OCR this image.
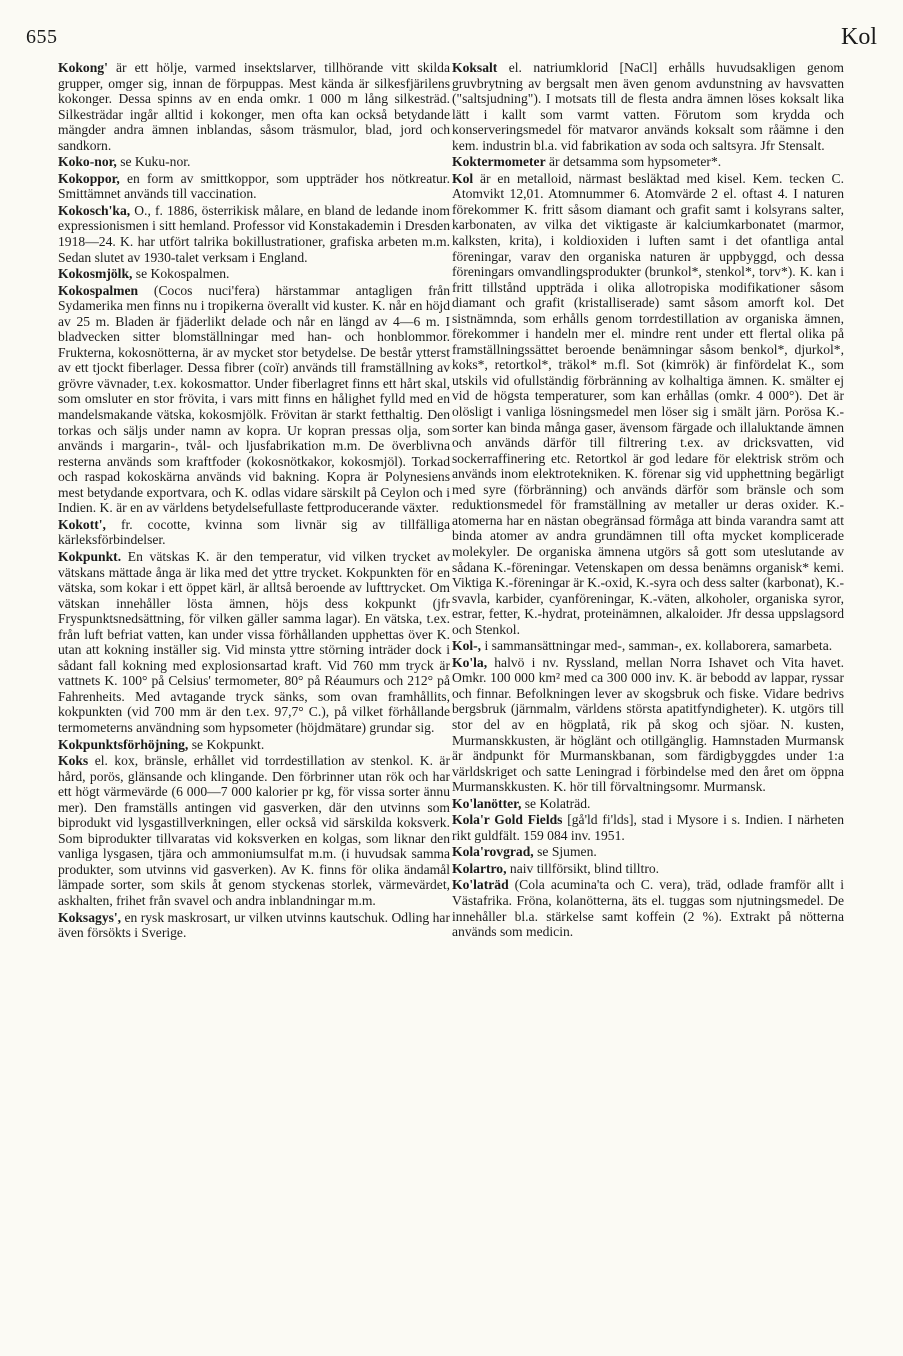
655	Kol

Kokong' är ett hölje, varmed insektslarver, tillhörande vitt skilda grupper, omger sig, innan de förpuppas. Mest kända är silkesfjärilens kokonger. Dessa spinns av en enda omkr. 1 000 m lång silkesträd. Silkesträdar ingår alltid i kokonger, men ofta kan också betydande mängder andra ämnen inblandas, såsom träsmulor, blad, jord och sandkorn.

Koko-nor, se Kuku-nor.

Kokoppor, en form av smittkoppor, som uppträder hos nötkreatur. Smittämnet används till vaccination.

Kokosch'ka, O., f. 1886, österrikisk målare, en bland de ledande inom expressionismen i sitt hemland. Professor vid Konstakademin i Dresden 1918—24. K. har utfört talrika bokillustrationer, grafiska arbeten m.m. Sedan slutet av 1930-talet verksam i England.

Kokosmjölk, se Kokospalmen.

Kokospalmen (Cocos nuci'fera) härstammar antagligen från Sydamerika men finns nu i tropikerna överallt vid kuster. K. når en höjd av 25 m. Bladen är fjäderlikt delade och når en längd av 4—6 m. I bladvecken sitter blomställningar med han- och honblommor. Frukterna, kokosnötterna, är av mycket stor betydelse. De består ytterst av ett tjockt fiberlager. Dessa fibrer (coïr) används till framställning av grövre vävnader, t.ex. kokosmattor. Under fiberlagret finns ett hårt skal, som omsluter en stor frövita, i vars mitt finns en hålighet fylld med en mandelsmakande vätska, kokosmjölk. Frövitan är starkt fetthaltig. Den torkas och säljs under namn av kopra. Ur kopran pressas olja, som används i margarin-, tvål- och ljusfabrikation m.m. De överblivna resterna används som kraftfoder (kokosnötkakor, kokosmjöl). Torkad och raspad kokoskärna används vid bakning. Kopra är Polynesiens mest betydande exportvara, och K. odlas vidare särskilt på Ceylon och i Indien. K. är en av världens betydelsefullaste fettproducerande växter.

Kokott', fr. cocotte, kvinna som livnär sig av tillfälliga kärleksförbindelser.

Kokpunkt. En vätskas K. är den temperatur, vid vilken trycket av vätskans mättade ånga är lika med det yttre trycket. Kokpunkten för en vätska, som kokar i ett öppet kärl, är alltså beroende av lufttrycket. Om vätskan innehåller lösta ämnen, höjs dess kokpunkt (jfr Fryspunktsnedsättning, för vilken gäller samma lagar). En vätska, t.ex. från luft befriat vatten, kan under vissa förhållanden upphettas över K. utan att kokning inställer sig. Vid minsta yttre störning inträder dock i sådant fall kokning med explosionsartad kraft. Vid 760 mm tryck är vattnets K. 100° på Celsius' termometer, 80° på Réaumurs och 212° på Fahrenheits. Med avtagande tryck sänks, som ovan framhållits, kokpunkten (vid 700 mm är den t.ex. 97,7° C.), på vilket förhållande termometerns användning som hypsometer (höjdmätare) grundar sig.

Kokpunktsförhöjning, se Kokpunkt.

Koks el. kox, bränsle, erhållet vid torrdestillation av stenkol. K. är hård, porös, glänsande och klingande. Den förbrinner utan rök och har ett högt värmevärde (6 000—7 000 kalorier pr kg, för vissa sorter ännu mer). Den framställs antingen vid gasverken, där den utvinns som biprodukt vid lysgastillverkningen, eller också vid särskilda koksverk. Som biprodukter tillvaratas vid koksverken en kolgas, som liknar den vanliga lysgasen, tjära och ammoniumsulfat m.m. (i huvudsak samma produkter, som utvinns vid gasverken). Av K. finns för olika ändamål lämpade sorter, som skils åt genom styckenas storlek, värmevärdet, askhalten, frihet från svavel och andra inblandningar m.m.

Koksagys', en rysk maskrosart, ur vilken utvinns kautschuk. Odling har även försökts i Sverige.

Koksalt el. natriumklorid [NaCl] erhålls huvudsakligen genom gruvbrytning av bergsalt men även genom avdunstning av havsvatten ("saltsjudning"). I motsats till de flesta andra ämnen löses koksalt lika lätt i kallt som varmt vatten. Förutom som krydda och konserveringsmedel för matvaror används koksalt som råämne i den kem. industrin bl.a. vid fabrikation av soda och saltsyra. Jfr Stensalt.

Koktermometer är detsamma som hypsometer*.

Kol är en metalloid, närmast besläktad med kisel. Kem. tecken C. Atomvikt 12,01. Atomnummer 6. Atomvärde 2 el. oftast 4. I naturen förekommer K. fritt såsom diamant och grafit samt i kolsyrans salter, karbonaten, av vilka det viktigaste är kalciumkarbonatet (marmor, kalksten, krita), i koldioxiden i luften samt i det ofantliga antal föreningar, varav den organiska naturen är uppbyggd, och dessa föreningars omvandlingsprodukter (brunkol*, stenkol*, torv*). K. kan i fritt tillstånd uppträda i olika allotropiska modifikationer såsom diamant och grafit (kristalliserade) samt såsom amorft kol. Det sistnämnda, som erhålls genom torrdestillation av organiska ämnen, förekommer i handeln mer el. mindre rent under ett flertal olika på framställningssättet beroende benämningar såsom benkol*, djurkol*, koks*, retortkol*, träkol* m.fl. Sot (kimrök) är finfördelat K., som utskils vid ofullständig förbränning av kolhaltiga ämnen. K. smälter ej vid de högsta temperaturer, som kan erhållas (omkr. 4 000°). Det är olösligt i vanliga lösningsmedel men löser sig i smält järn. Porösa K.-sorter kan binda många gaser, ävensom färgade och illaluktande ämnen och används därför till filtrering t.ex. av dricksvatten, vid sockerraffinering etc. Retortkol är god ledare för elektrisk ström och används inom elektrotekniken. K. förenar sig vid upphettning begärligt med syre (förbränning) och används därför som bränsle och som reduktionsmedel för framställning av metaller ur deras oxider. K.-atomerna har en nästan obegränsad förmåga att binda varandra samt att binda atomer av andra grundämnen till ofta mycket komplicerade molekyler. De organiska ämnena utgörs så gott som uteslutande av sådana K.-föreningar. Vetenskapen om dessa benämns organisk* kemi. Viktiga K.-föreningar är K.-oxid, K.-syra och dess salter (karbonat), K.-svavla, karbider, cyanföreningar, K.-väten, alkoholer, organiska syror, estrar, fetter, K.-hydrat, proteinämnen, alkaloider. Jfr dessa uppslagsord och Stenkol.

Kol-, i sammansättningar med-, samman-, ex. kollaborera, samarbeta.

Ko'la, halvö i nv. Ryssland, mellan Norra Ishavet och Vita havet. Omkr. 100 000 km² med ca 300 000 inv. K. är bebodd av lappar, ryssar och finnar. Befolkningen lever av skogsbruk och fiske. Vidare bedrivs bergsbruk (järnmalm, världens största apatitfyndigheter). K. utgörs till stor del av en högplatå, rik på skog och sjöar. N. kusten, Murmanskkusten, är höglänt och otillgänglig. Hamnstaden Murmansk är ändpunkt för Murmanskbanan, som färdigbyggdes under 1:a världskriget och satte Leningrad i förbindelse med den året om öppna Murmanskkusten. K. hör till förvaltningsomr. Murmansk.

Ko'lanötter, se Kolaträd.

Kola'r Gold Fields [gå'ld fi'lds], stad i Mysore i s. Indien. I närheten rikt guldfält. 159 084 inv. 1951.

Kola'rovgrad, se Sjumen.

Kolartro, naiv tillförsikt, blind tilltro.

Ko'laträd (Cola acumina'ta och C. vera), träd, odlade framför allt i Västafrika. Fröna, kolanötterna, äts el. tuggas som njutningsmedel. De innehåller bl.a. stärkelse samt koffein (2 %). Extrakt på nötterna används som medicin.
